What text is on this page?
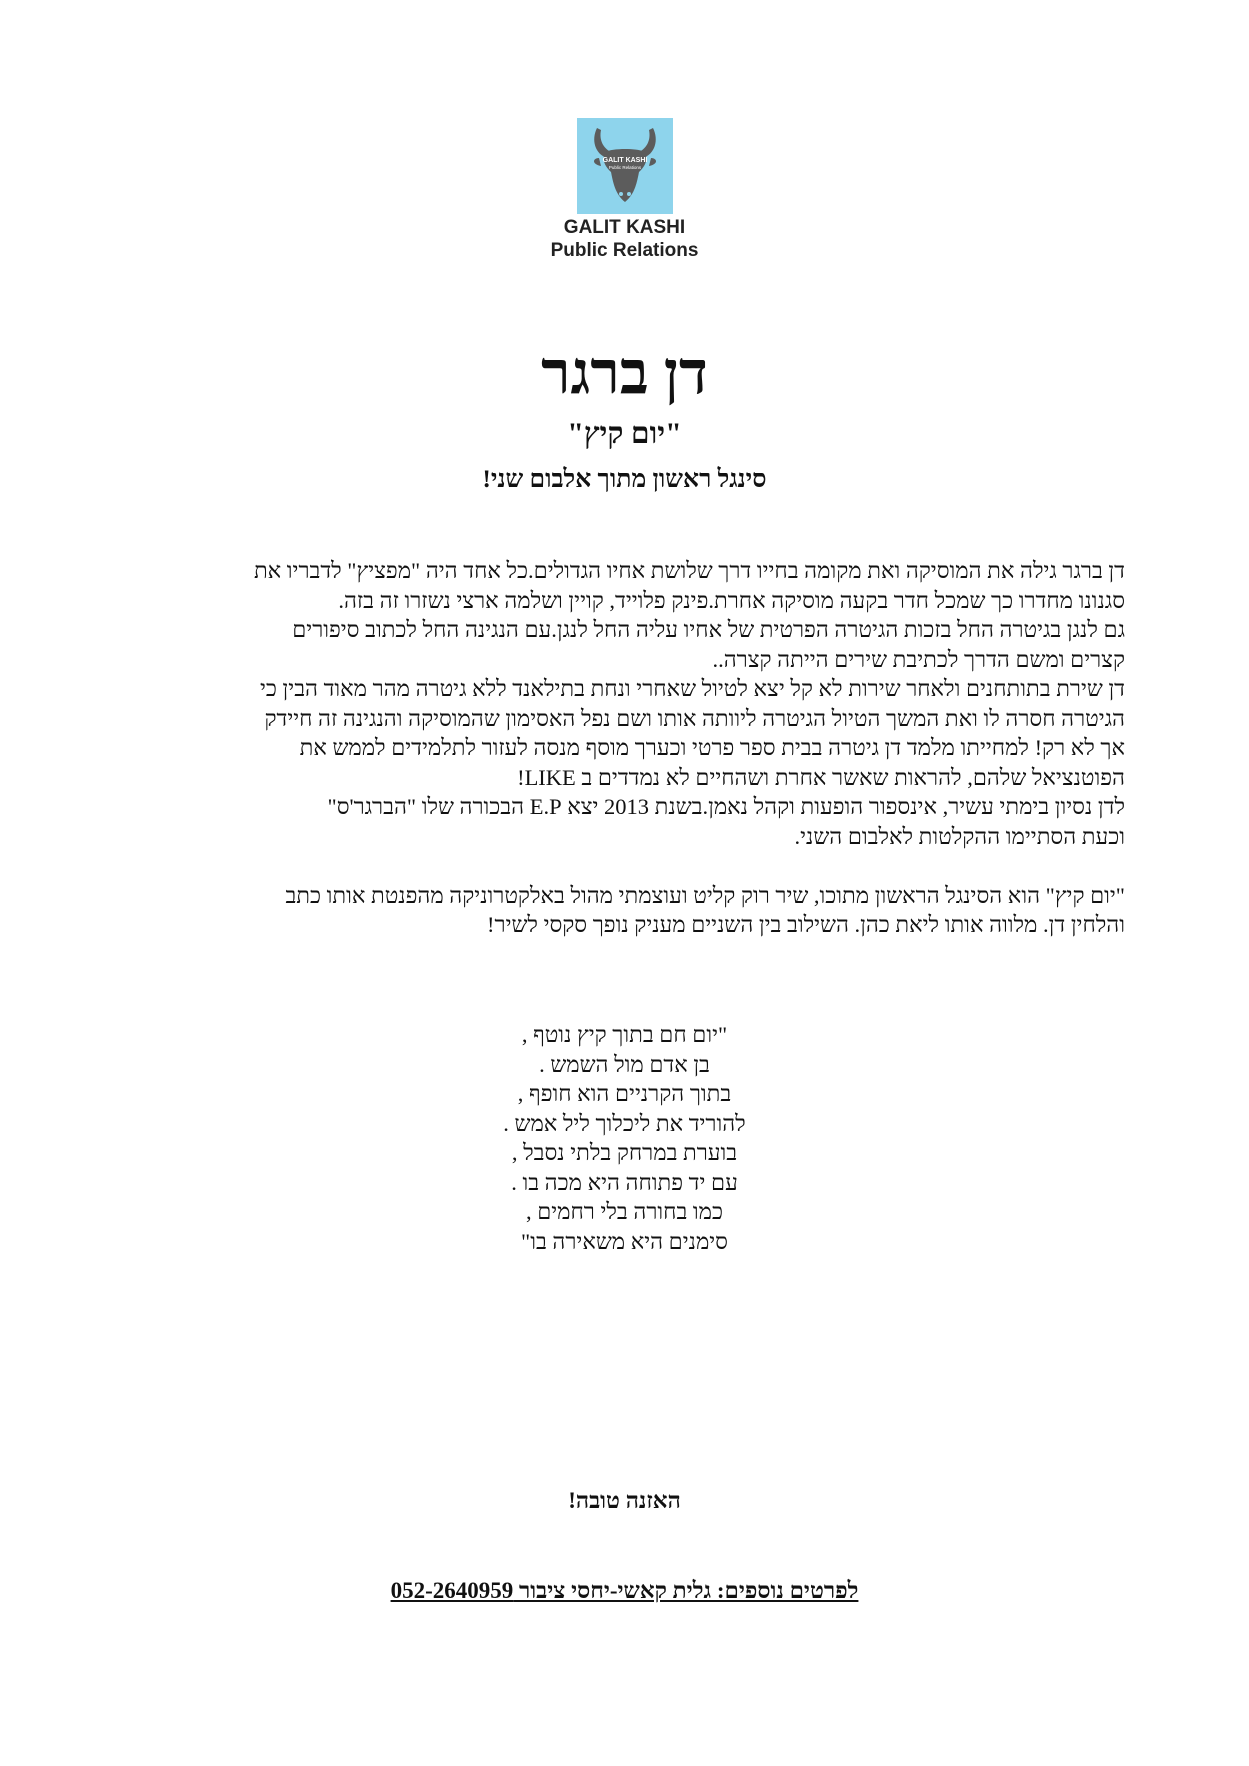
GALIT KASHI
Public Relations
GALIT KASHI
Public Relations
דן ברגר
"יום קיץ"
סינגל ראשון מתוך אלבום שני!
דן ברגר גילה את המוסיקה ואת מקומה בחייו דרך שלושת אחיו הגדולים.כל אחד היה "מפציץ" לדבריו את
סגנונו מחדרו כך שמכל חדר בקעה מוסיקה אחרת.פינק פלוייד, קויין ושלמה ארצי נשזרו זה בזה.
גם לנגן בגיטרה החל בזכות הגיטרה הפרטית של אחיו עליה החל לנגן.עם הנגינה החל לכתוב סיפורים
קצרים ומשם הדרך לכתיבת שירים הייתה קצרה..
דן שירת בתותחנים ולאחר שירות לא קל יצא לטיול שאחרי ונחת בתילאנד ללא גיטרה מהר מאוד הבין כי
הגיטרה חסרה לו ואת המשך הטיול הגיטרה ליוותה אותו ושם נפל האסימון שהמוסיקה והנגינה זה חיידק
אך לא רק! למחייתו מלמד דן גיטרה בבית ספר פרטי וכערך מוסף מנסה לעזור לתלמידים לממש את
הפוטנציאל שלהם, להראות שאשר אחרת ושהחיים לא נמדדים ב LIKE!
לדן נסיון בימתי עשיר, אינספור הופעות וקהל נאמן.בשנת 2013 יצא E.P הבכורה שלו "הברגר'ס"
וכעת הסתיימו ההקלטות לאלבום השני.
"יום קיץ" הוא הסינגל הראשון מתוכו, שיר רוק קליט ועוצמתי מהול באלקטרוניקה מהפנטת אותו כתב
והלחין דן. מלווה אותו ליאת כהן. השילוב בין השניים מעניק נופך סקסי לשיר!
"יום חם בתוך קיץ נוטף ,
בן אדם מול השמש .
בתוך הקרניים הוא חופף ,
להוריד את ליכלוך ליל אמש .
בוערת במרחק בלתי נסבל ,
עם יד פתוחה היא מכה בו .
כמו בחורה בלי רחמים ,
סימנים היא משאירה בו"
האזנה טובה!
לפרטים נוספים: גלית קאשי-יחסי ציבור 052-2640959
